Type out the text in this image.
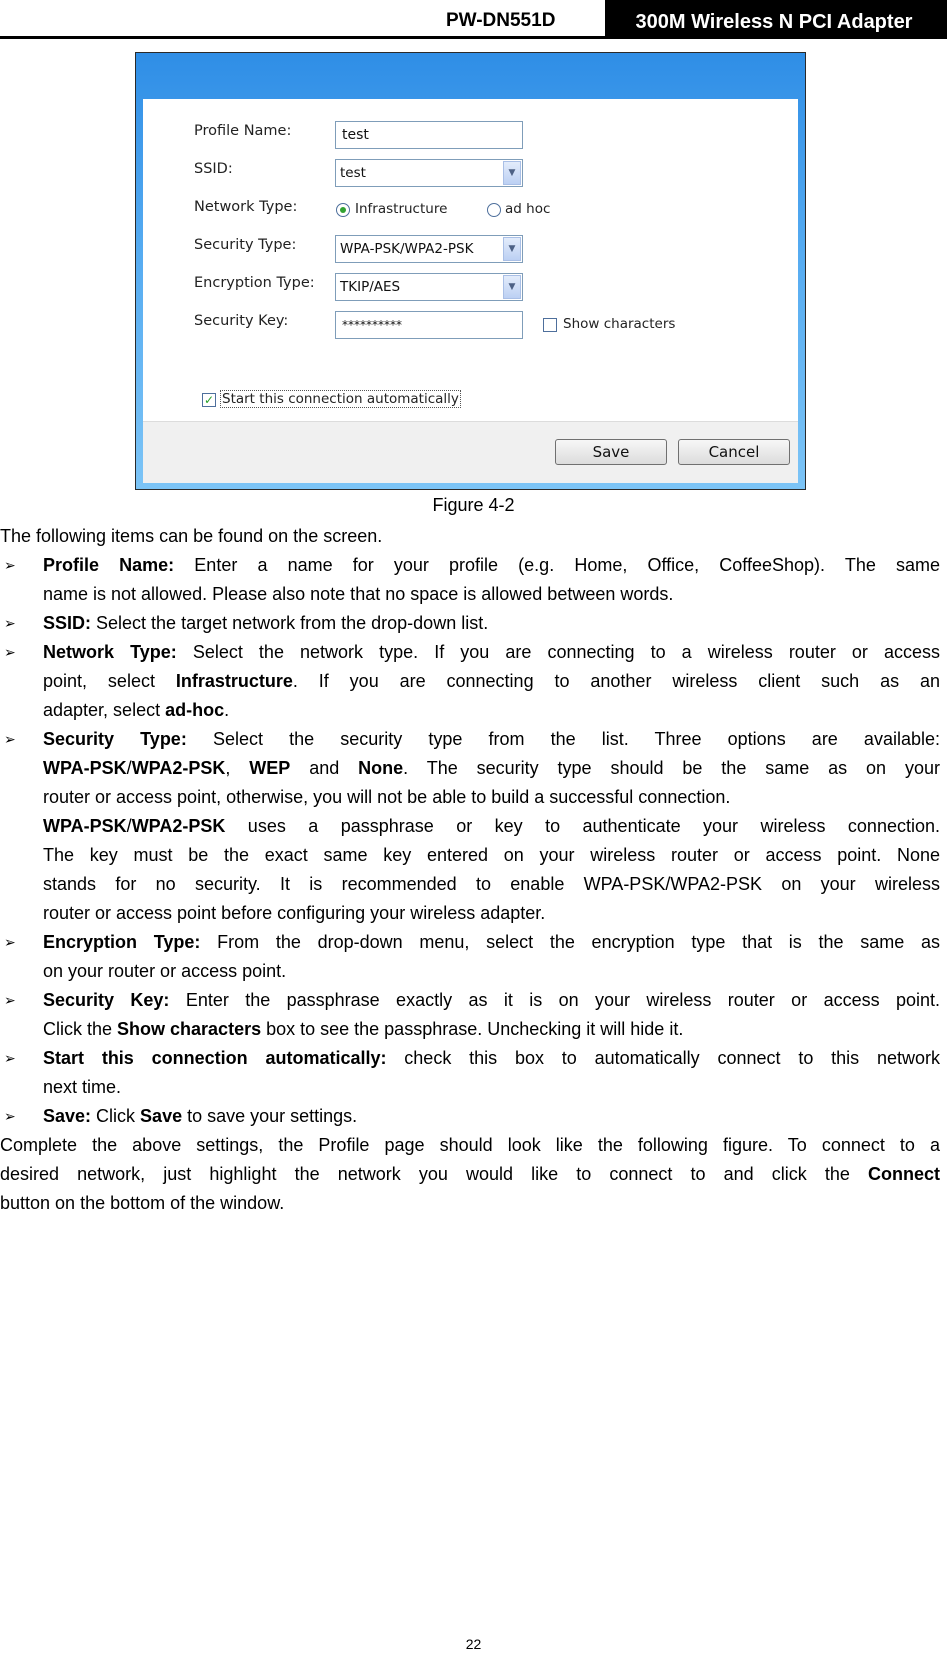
PW-DN551D	300M Wireless N PCI Adapter
Profile Name:	test
SSID:	test	▼
Network Type:	Infrastructure	ad hoc
Security Type:	WPA-PSK/WPA2-PSK	▼
Encryption Type:	TKIP/AES	▼
Security Key:	**********	Show characters
✓ Start this connection automatically
Save	Cancel
Figure 4-2
The following items can be found on the screen.
➢ Profile Name: Enter a name for your profile (e.g. Home, Office, CoffeeShop). The same
name is not allowed. Please also note that no space is allowed between words.
➢ SSID: Select the target network from the drop-down list.
➢ Network Type: Select the network type. If you are connecting to a wireless router or access
point, select Infrastructure. If you are connecting to another wireless client such as an
adapter, select ad-hoc.
➢ Security Type: Select the security type from the list. Three options are available:
WPA-PSK/WPA2-PSK, WEP and None. The security type should be the same as on your
router or access point, otherwise, you will not be able to build a successful connection.
WPA-PSK/WPA2-PSK uses a passphrase or key to authenticate your wireless connection.
The key must be the exact same key entered on your wireless router or access point. None
stands for no security. It is recommended to enable WPA-PSK/WPA2-PSK on your wireless
router or access point before configuring your wireless adapter.
➢ Encryption Type: From the drop-down menu, select the encryption type that is the same as
on your router or access point.
➢ Security Key: Enter the passphrase exactly as it is on your wireless router or access point.
Click the Show characters box to see the passphrase. Unchecking it will hide it.
➢ Start this connection automatically: check this box to automatically connect to this network
next time.
➢ Save: Click Save to save your settings.
Complete the above settings, the Profile page should look like the following figure. To connect to a
desired network, just highlight the network you would like to connect to and click the Connect
button on the bottom of the window.
22
